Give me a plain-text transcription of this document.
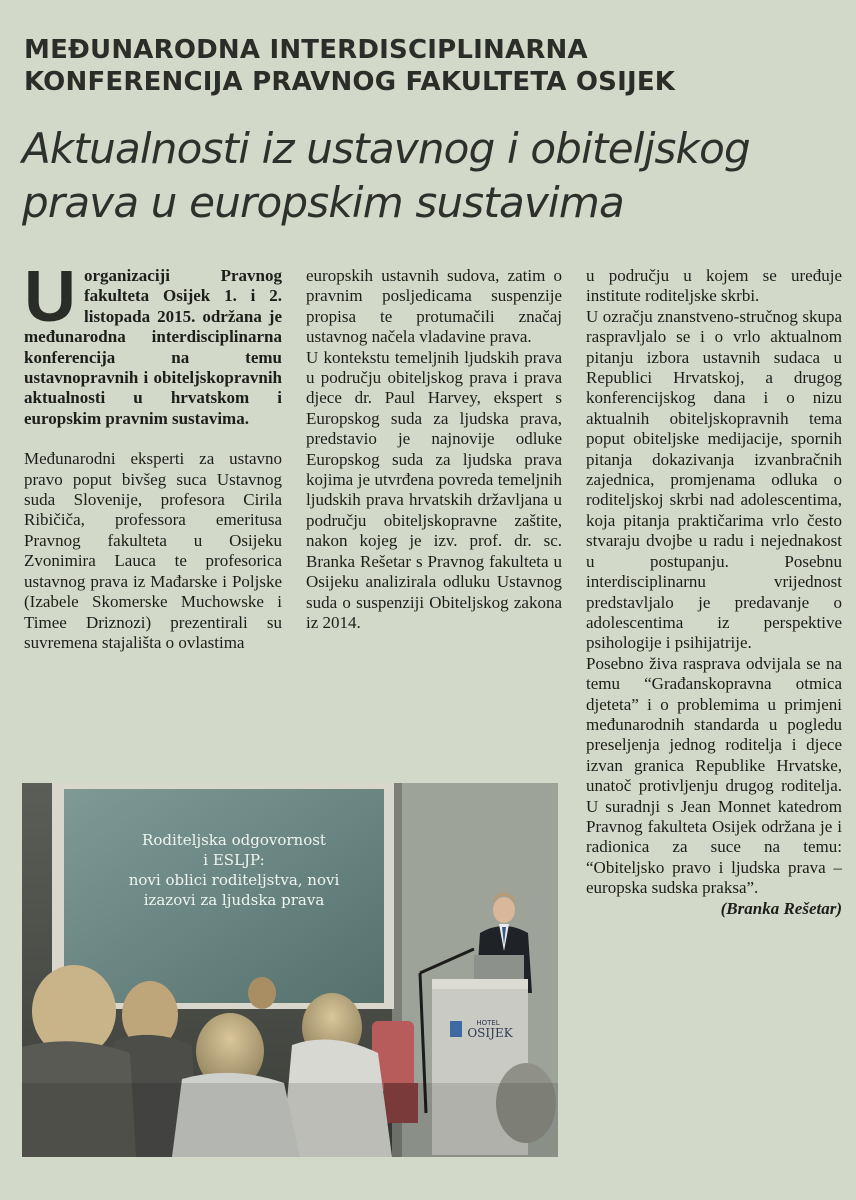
MEĐUNARODNA INTERDISCIPLINARNA
KONFERENCIJA PRAVNOG FAKULTETA OSIJEK
Aktualnosti iz ustavnog i obiteljskog
prava u europskim sustavima

Uorganizaciji Pravnog fakulteta Osijek 1. i 2. listopada 2015. održana je međunarodna interdisciplinarna konferencija na temu ustavnopravnih i obiteljskopravnih aktualnosti u hrvatskom i europskim pravnim sustavima.

Međunarodni eksperti za ustavno pravo poput bivšeg suca Ustavnog suda Slovenije, profesora Cirila Ribičiča, professora emeritusa Pravnog fakulteta u Osijeku Zvonimira Lauca te profesorica ustavnog prava iz Mađarske i Poljske (Izabele Skomerske Muchowske i Timee Driznozi) prezentirali su suvremena stajališta o ovlastima

europskih ustavnih sudova, zatim o pravnim posljedicama suspenzije propisa te protumačili značaj ustavnog načela vladavine prava.

U kontekstu temeljnih ljudskih prava u području obiteljskog prava i prava djece dr. Paul Harvey, ekspert s Europskog suda za ljudska prava, predstavio je najnovije odluke Europskog suda za ljudska prava kojima je utvrđena povreda temeljnih ljudskih prava hrvatskih državljana u području obiteljskopravne zaštite, nakon kojeg je izv. prof. dr. sc. Branka Rešetar s Pravnog fakulteta u Osijeku analizirala odluku Ustavnog suda o suspenziji Obiteljskog zakona iz 2014.

u području u kojem se uređuje institute roditeljske skrbi.

U ozračju znanstveno-stručnog skupa raspravljalo se i o vrlo aktualnom pitanju izbora ustavnih sudaca u Republici Hrvatskoj, a drugog konferencijskog dana i o nizu aktualnih obiteljskopravnih tema poput obiteljske medijacije, spornih pitanja dokazivanja izvanbračnih zajednica, promjenama odluka o roditeljskoj skrbi nad adolescentima, koja pitanja praktičarima vrlo često stvaraju dvojbe u radu i nejednakost u postupanju. Posebnu interdisciplinarnu vrijednost predstavljalo je predavanje o adolescentima iz perspektive psihologije i psihijatrije.

Posebno živa rasprava odvijala se na temu “Građanskopravna otmica djeteta” i o problemima u primjeni međunarodnih standarda u pogledu preseljenja jednog roditelja i djece izvan granica Republike Hrvatske, unatoč protivljenju drugog roditelja. U suradnji s Jean Monnet katedrom Pravnog fakulteta Osijek održana je i radionica za suce na temu: “Obiteljsko pravo i ljudska prava – europska sudska praksa”.

(Branka Rešetar)

Roditeljska odgovornost
i ESLJP:
novi oblici roditeljstva, novi
izazovi za ljudska prava
HOTEL
OSIJEK
